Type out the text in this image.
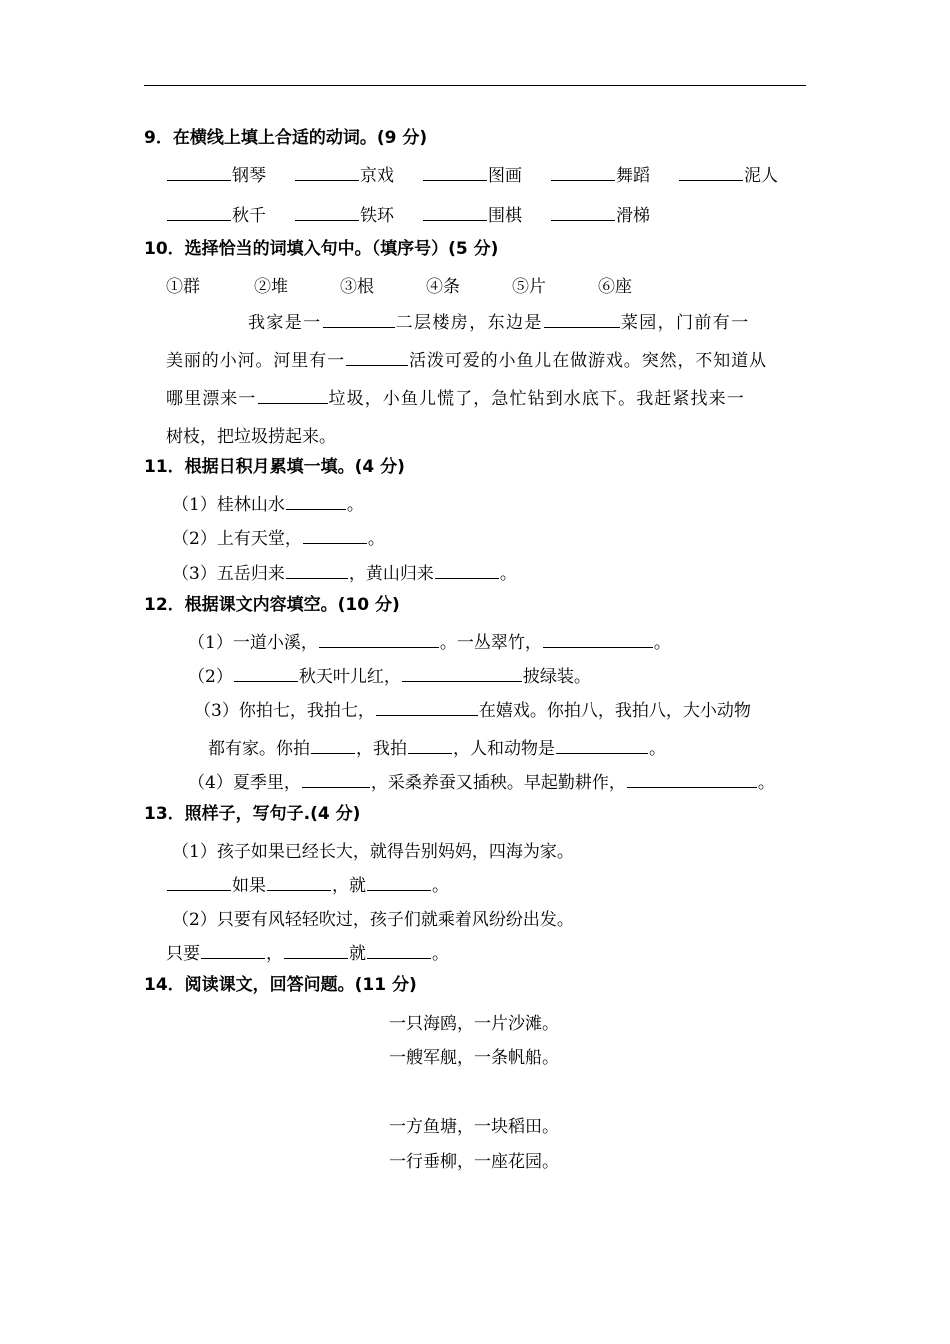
9．在横线上填上合适的动词。(9 分)
钢琴	京戏	图画	舞蹈	泥人
秋千	铁环	围棋	滑梯
10．选择恰当的词填入句中。（填序号）(5 分)
①群	②堆	③根	④条	⑤片	⑥座
我家是一	二层楼房，东边是	菜园，门前有一
美丽的小河。河里有一	活泼可爱的小鱼儿在做游戏。突然，不知道从
哪里漂来一	垃圾，小鱼儿慌了，急忙钻到水底下。我赶紧找来一
树枝，把垃圾捞起来。
11．根据日积月累填一填。(4 分)
（1）桂林山水	。
（2）上有天堂，	。
（3）五岳归来	，黄山归来	。
12．根据课文内容填空。(10 分)
（1）一道小溪，	。一丛翠竹，	。
（2）	秋天叶儿红，	披绿装。
（3）你拍七，我拍七，	在嬉戏。你拍八，我拍八，大小动物
都有家。你拍	，我拍	，人和动物是	。
（4）夏季里，	，采桑养蚕又插秧。早起勤耕作，	。
13．照样子，写句子.(4 分)
（1）孩子如果已经长大，就得告别妈妈，四海为家。
如果	，就	。
（2）只要有风轻轻吹过，孩子们就乘着风纷纷出发。
只要	，	就	。
14．阅读课文，回答问题。(11 分)
一只海鸥，一片沙滩。
一艘军舰，一条帆船。
一方鱼塘，一块稻田。
一行垂柳，一座花园。
